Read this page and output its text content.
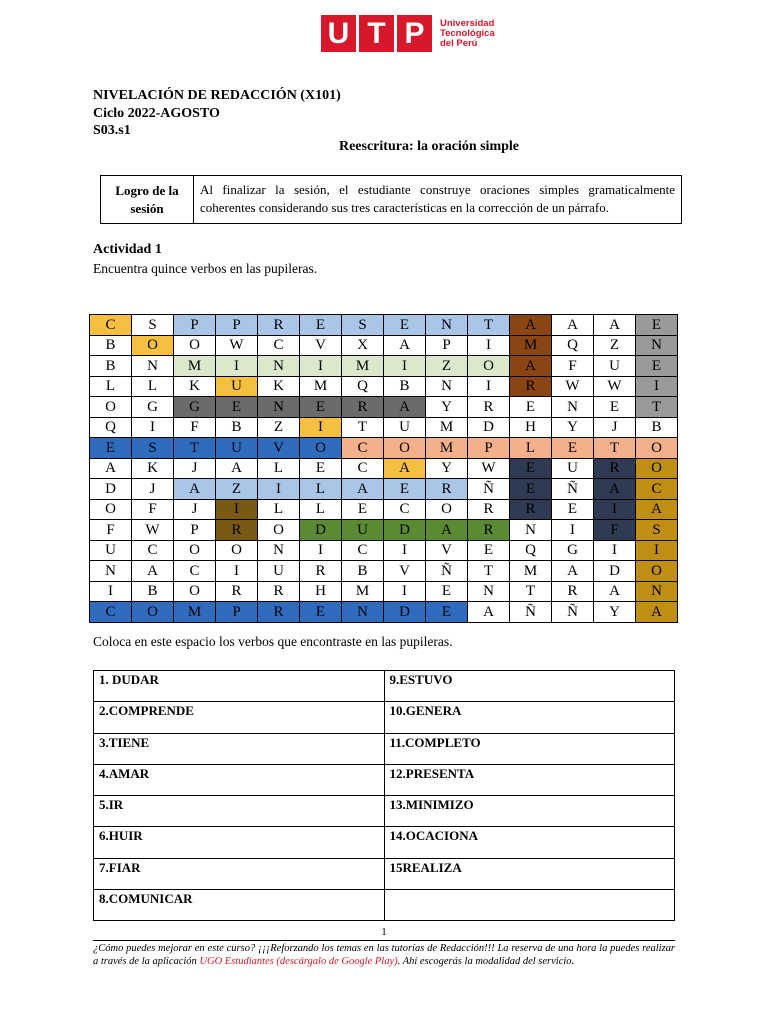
U T P	Universidad
Tecnológica
del Perú
NIVELACIÓN DE REDACCIÓN (X101)
Ciclo 2022-AGOSTO
S03.s1
Reescritura: la oración simple
Logro de la sesión
Al finalizar la sesión, el estudiante construye oraciones simples gramaticalmente coherentes considerando sus tres características en la corrección de un párrafo.
Actividad 1
Encuentra quince verbos en las pupileras.
C	S	P	P	R	E	S	E	N	T	A	A	A	E
B	O	O	W	C	V	X	A	P	I	M	Q	Z	N
B	N	M	I	N	I	M	I	Z	O	A	F	U	E
L	L	K	U	K	M	Q	B	N	I	R	W	W	I
O	G	G	E	N	E	R	A	Y	R	E	N	E	T
Q	I	F	B	Z	I	T	U	M	D	H	Y	J	B
E	S	T	U	V	O	C	O	M	P	L	E	T	O
A	K	J	A	L	E	C	A	Y	W	E	U	R	O
D	J	A	Z	I	L	A	E	R	Ñ	E	Ñ	A	C
O	F	J	I	L	L	E	C	O	R	R	E	I	A
F	W	P	R	O	D	U	D	A	R	N	I	F	S
U	C	O	O	N	I	C	I	V	E	Q	G	I	I
N	A	C	I	U	R	B	V	Ñ	T	M	A	D	O
I	B	O	R	R	H	M	I	E	N	T	R	A	N
C	O	M	P	R	E	N	D	E	A	Ñ	Ñ	Y	A
Coloca en este espacio los verbos que encontraste en las pupileras.
1. DUDAR	9.ESTUVO
2.COMPRENDE	10.GENERA
3.TIENE	11.COMPLETO
4.AMAR	12.PRESENTA
5.IR	13.MINIMIZO
6.HUIR	14.OCACIONA
7.FIAR	15REALIZA
8.COMUNICAR	
1
¿Cómo puedes mejorar en este curso? ¡¡¡Reforzando los temas en las tutorías de Redacción!!! La reserva de una hora la puedes realizar a través de la aplicación UGO Estudiantes (descárgalo de Google Play). Ahí escogerás la modalidad del servicio.
